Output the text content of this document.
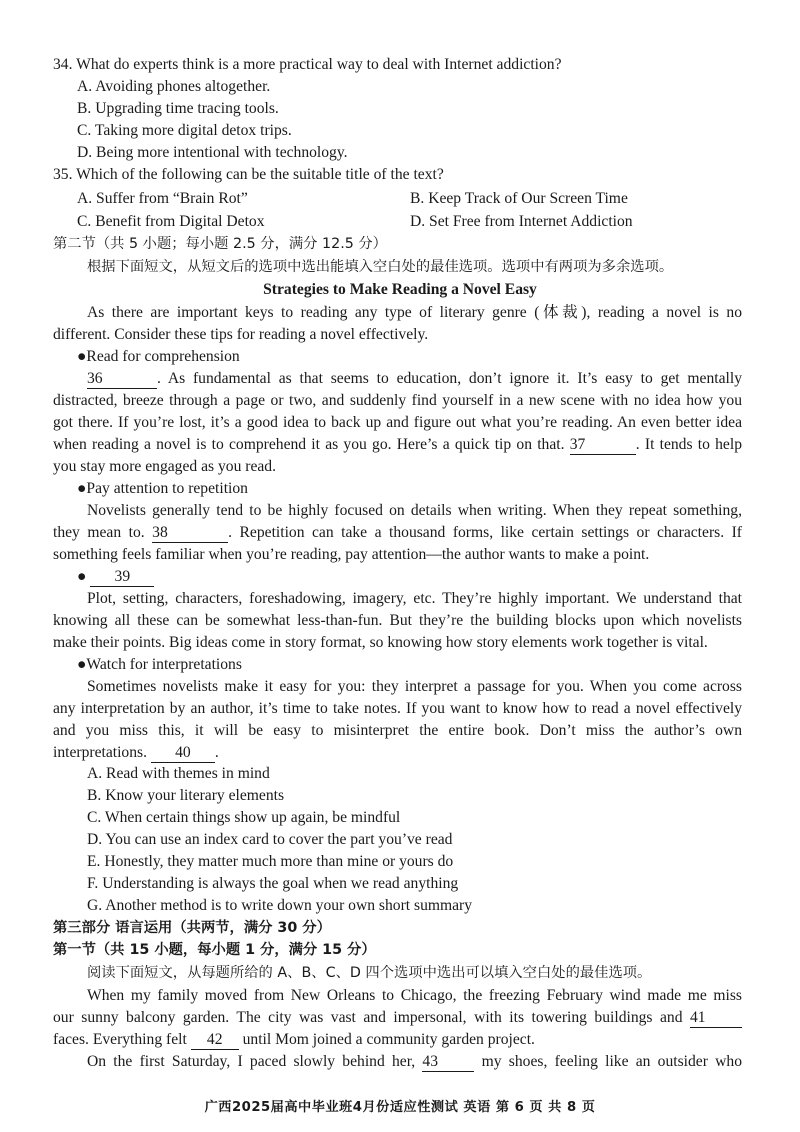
34. What do experts think is a more practical way to deal with Internet addiction?
A. Avoiding phones altogether.
B. Upgrading time tracing tools.
C. Taking more digital detox trips.
D. Being more intentional with technology.
35. Which of the following can be the suitable title of the text?
A. Suffer from “Brain Rot”	B. Keep Track of Our Screen Time
C. Benefit from Digital Detox	D. Set Free from Internet Addiction
第二节（共 5 小题；每小题 2.5 分，满分 12.5 分）
根据下面短文，从短文后的选项中选出能填入空白处的最佳选项。选项中有两项为多余选项。
Strategies to Make Reading a Novel Easy
As there are important keys to reading any type of literary genre (体裁), reading a novel is no
different. Consider these tips for reading a novel effectively.
●Read for comprehension
36	. As fundamental as that seems to education, don’t ignore it. It’s easy to get mentally
distracted, breeze through a page or two, and suddenly find yourself in a new scene with no idea how you
got there. If you’re lost, it’s a good idea to back up and figure out what you’re reading. An even better idea
when reading a novel is to comprehend it as you go. Here’s a quick tip on that. 37	. It tends to help
you stay more engaged as you read.
●Pay attention to repetition
Novelists generally tend to be highly focused on details when writing. When they repeat something,
they mean to. 38	. Repetition can take a thousand forms, like certain settings or characters. If
something feels familiar when you’re reading, pay attention—the author wants to make a point.
● 39
Plot, setting, characters, foreshadowing, imagery, etc. They’re highly important. We understand that
knowing all these can be somewhat less-than-fun. But they’re the building blocks upon which novelists
make their points. Big ideas come in story format, so knowing how story elements work together is vital.
●Watch for interpretations
Sometimes novelists make it easy for you: they interpret a passage for you. When you come across
any interpretation by an author, it’s time to take notes. If you want to know how to read a novel effectively
and you miss this, it will be easy to misinterpret the entire book. Don’t miss the author’s own
interpretations. 40 .
A. Read with themes in mind
B. Know your literary elements
C. When certain things show up again, be mindful
D. You can use an index card to cover the part you’ve read
E. Honestly, they matter much more than mine or yours do
F. Understanding is always the goal when we read anything
G. Another method is to write down your own short summary
第三部分 语言运用（共两节，满分 30 分）
第一节（共 15 小题，每小题 1 分，满分 15 分）
阅读下面短文，从每题所给的 A、B、C、D 四个选项中选出可以填入空白处的最佳选项。
When my family moved from New Orleans to Chicago, the freezing February wind made me miss
our sunny balcony garden. The city was vast and impersonal, with its towering buildings and 41
faces. Everything felt 42 until Mom joined a community garden project.
On the first Saturday, I paced slowly behind her, 43	my shoes, feeling like an outsider who
广西2025届高中毕业班4月份适应性测试 英语 第 6 页 共 8 页
